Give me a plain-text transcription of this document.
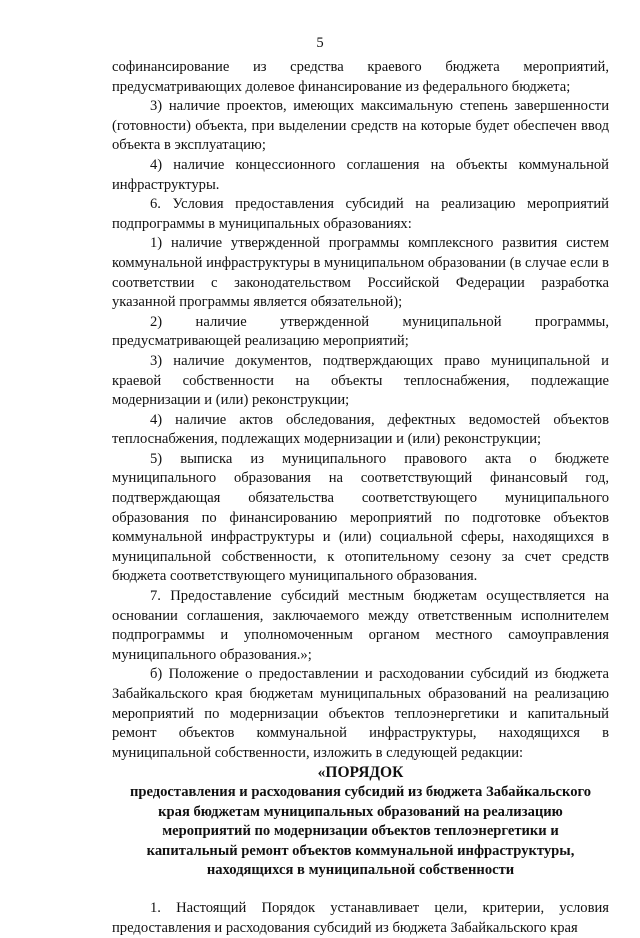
5

софинансирование из средства краевого бюджета мероприятий, предусматривающих долевое финансирование из федерального бюджета;

3) наличие проектов, имеющих максимальную степень завершенности (готовности) объекта, при выделении средств на которые будет обеспечен ввод объекта в эксплуатацию;

4) наличие концессионного соглашения на объекты коммунальной инфраструктуры.

6. Условия предоставления субсидий на реализацию мероприятий подпрограммы в муниципальных образованиях:

1) наличие утвержденной программы комплексного развития систем коммунальной инфраструктуры в муниципальном образовании (в случае если в соответствии с законодательством Российской Федерации разработка указанной программы является обязательной);

2) наличие утвержденной муниципальной программы, предусматривающей реализацию мероприятий;

3) наличие документов, подтверждающих право муниципальной и краевой собственности на объекты теплоснабжения, подлежащие модернизации и (или) реконструкции;

4) наличие актов обследования, дефектных ведомостей объектов теплоснабжения, подлежащих модернизации и (или) реконструкции;

5) выписка из муниципального правового акта о бюджете муниципального образования на соответствующий финансовый год, подтверждающая обязательства соответствующего муниципального образования по финансированию мероприятий по подготовке объектов коммунальной инфраструктуры и (или) социальной сферы, находящихся в муниципальной собственности, к отопительному сезону за счет средств бюджета соответствующего муниципального образования.

7. Предоставление субсидий местным бюджетам осуществляется на основании соглашения, заключаемого между ответственным исполнителем подпрограммы и уполномоченным органом местного самоуправления муниципального образования.»;

б) Положение о предоставлении и расходовании субсидий из бюджета Забайкальского края бюджетам муниципальных образований на реализацию мероприятий по модернизации объектов теплоэнергетики и капитальный ремонт объектов коммунальной инфраструктуры, находящихся в муниципальной собственности, изложить в следующей редакции:

«ПОРЯДОК

предоставления и расходования субсидий из бюджета Забайкальского

края бюджетам муниципальных образований на реализацию

мероприятий по модернизации объектов теплоэнергетики и

капитальный ремонт объектов коммунальной инфраструктуры,

находящихся в муниципальной собственности

1. Настоящий Порядок устанавливает цели, критерии, условия предоставления и расходования субсидий из бюджета Забайкальского края
